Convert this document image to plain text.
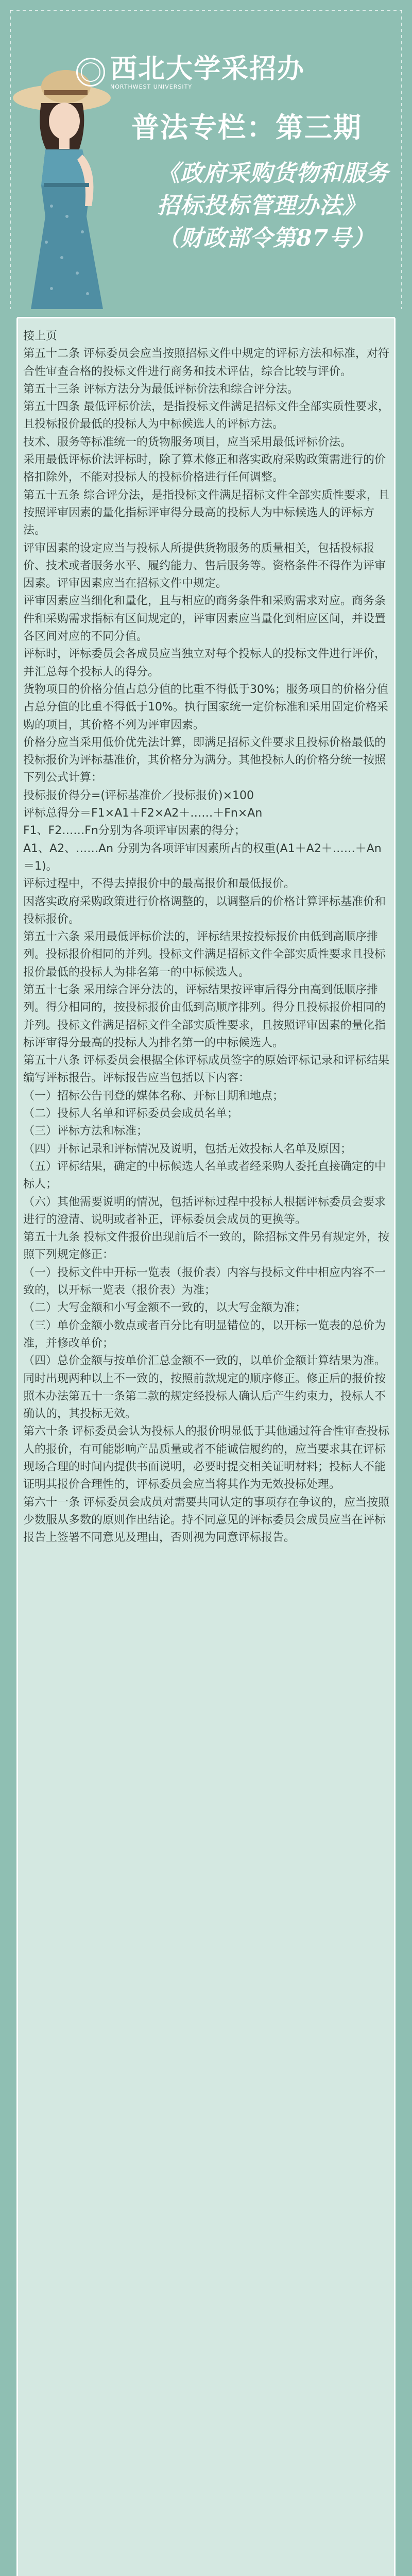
西北大学采招办
NORTHWEST UNIVERSITY
普法专栏：第三期
《政府采购货物和服务招标投标管理办法》（财政部令第87号）

接上页

第五十二条 评标委员会应当按照招标文件中规定的评标方法和标准，对符合性审查合格的投标文件进行商务和技术评估，综合比较与评价。

第五十三条 评标方法分为最低评标价法和综合评分法。

第五十四条 最低评标价法，是指投标文件满足招标文件全部实质性要求，且投标报价最低的投标人为中标候选人的评标方法。

技术、服务等标准统一的货物服务项目，应当采用最低评标价法。

采用最低评标价法评标时，除了算术修正和落实政府采购政策需进行的价格扣除外，不能对投标人的投标价格进行任何调整。

第五十五条 综合评分法，是指投标文件满足招标文件全部实质性要求，且按照评审因素的量化指标评审得分最高的投标人为中标候选人的评标方法。

评审因素的设定应当与投标人所提供货物服务的质量相关，包括投标报价、技术或者服务水平、履约能力、售后服务等。资格条件不得作为评审因素。评审因素应当在招标文件中规定。

评审因素应当细化和量化，且与相应的商务条件和采购需求对应。商务条件和采购需求指标有区间规定的，评审因素应当量化到相应区间，并设置各区间对应的不同分值。

评标时，评标委员会各成员应当独立对每个投标人的投标文件进行评价，并汇总每个投标人的得分。

货物项目的价格分值占总分值的比重不得低于30%；服务项目的价格分值占总分值的比重不得低于10%。执行国家统一定价标准和采用固定价格采购的项目，其价格不列为评审因素。

价格分应当采用低价优先法计算，即满足招标文件要求且投标价格最低的投标报价为评标基准价，其价格分为满分。其他投标人的价格分统一按照下列公式计算：

投标报价得分=(评标基准价／投标报价)×100

评标总得分＝F1×A1＋F2×A2＋……＋Fn×An

F1、F2……Fn分别为各项评审因素的得分；

A1、A2、……An 分别为各项评审因素所占的权重(A1＋A2＋……＋An＝1)。

评标过程中，不得去掉报价中的最高报价和最低报价。

因落实政府采购政策进行价格调整的，以调整后的价格计算评标基准价和投标报价。

第五十六条 采用最低评标价法的，评标结果按投标报价由低到高顺序排列。投标报价相同的并列。投标文件满足招标文件全部实质性要求且投标报价最低的投标人为排名第一的中标候选人。

第五十七条 采用综合评分法的，评标结果按评审后得分由高到低顺序排列。得分相同的，按投标报价由低到高顺序排列。得分且投标报价相同的并列。投标文件满足招标文件全部实质性要求，且按照评审因素的量化指标评审得分最高的投标人为排名第一的中标候选人。

第五十八条 评标委员会根据全体评标成员签字的原始评标记录和评标结果编写评标报告。评标报告应当包括以下内容：

（一）招标公告刊登的媒体名称、开标日期和地点；

（二）投标人名单和评标委员会成员名单；

（三）评标方法和标准；

（四）开标记录和评标情况及说明，包括无效投标人名单及原因；

（五）评标结果，确定的中标候选人名单或者经采购人委托直接确定的中标人；

（六）其他需要说明的情况，包括评标过程中投标人根据评标委员会要求进行的澄清、说明或者补正，评标委员会成员的更换等。

第五十九条 投标文件报价出现前后不一致的，除招标文件另有规定外，按照下列规定修正：

（一）投标文件中开标一览表（报价表）内容与投标文件中相应内容不一致的，以开标一览表（报价表）为准；

（二）大写金额和小写金额不一致的，以大写金额为准；

（三）单价金额小数点或者百分比有明显错位的，以开标一览表的总价为准，并修改单价；

（四）总价金额与按单价汇总金额不一致的，以单价金额计算结果为准。

同时出现两种以上不一致的，按照前款规定的顺序修正。修正后的报价按照本办法第五十一条第二款的规定经投标人确认后产生约束力，投标人不确认的，其投标无效。

第六十条 评标委员会认为投标人的报价明显低于其他通过符合性审查投标人的报价，有可能影响产品质量或者不能诚信履约的，应当要求其在评标现场合理的时间内提供书面说明，必要时提交相关证明材料；投标人不能证明其报价合理性的，评标委员会应当将其作为无效投标处理。

第六十一条 评标委员会成员对需要共同认定的事项存在争议的，应当按照少数服从多数的原则作出结论。持不同意见的评标委员会成员应当在评标报告上签署不同意见及理由，否则视为同意评标报告。
